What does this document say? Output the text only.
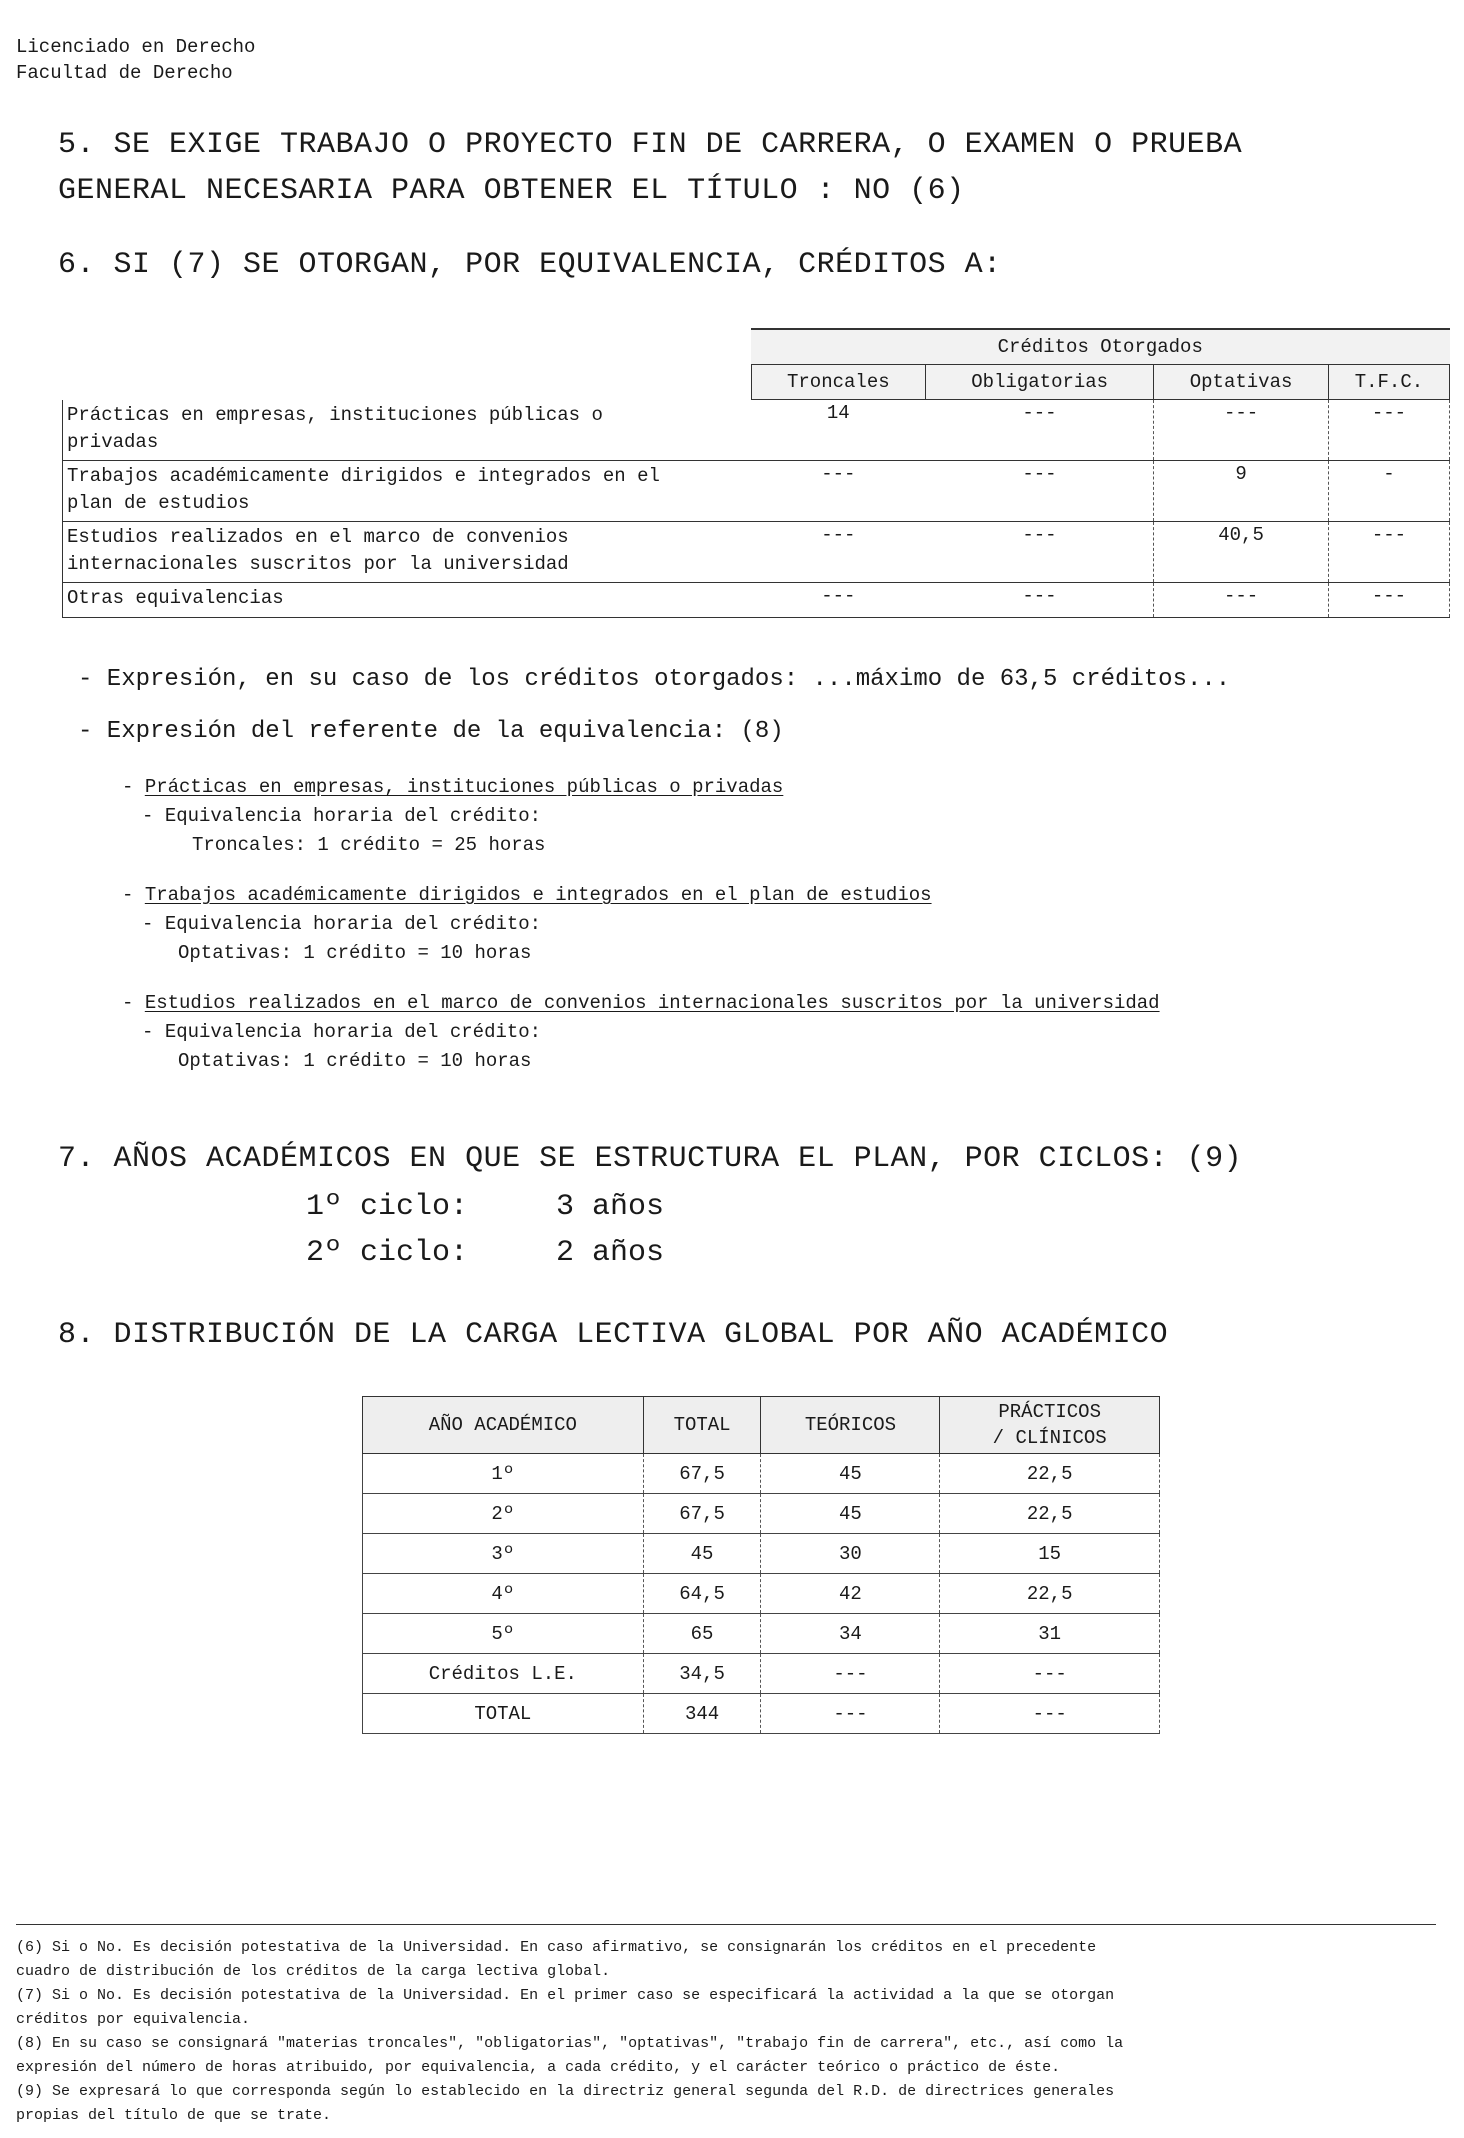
Licenciado en Derecho
Facultad de Derecho
5. SE EXIGE TRABAJO O PROYECTO FIN DE CARRERA, O EXAMEN O PRUEBA
GENERAL NECESARIA PARA OBTENER EL TÍTULO : NO (6)
6. SI (7) SE OTORGAN, POR EQUIVALENCIA, CRÉDITOS A:
	Créditos Otorgados			
	Troncales	Obligatorias	Optativas	T.F.C.
Prácticas en empresas, instituciones públicas o
privadas	14	---	---	---
Trabajos académicamente dirigidos e integrados en el
plan de estudios	---	---	9	-
Estudios realizados en el marco de convenios
internacionales suscritos por la universidad	---	---	40,5	---
Otras equivalencias	---	---	---	---
- Expresión, en su caso de los créditos otorgados: ...máximo de 63,5 créditos...
- Expresión del referente de la equivalencia: (8)
- Prácticas en empresas, instituciones públicas o privadas
- Equivalencia horaria del crédito:
Troncales: 1 crédito = 25 horas
- Trabajos académicamente dirigidos e integrados en el plan de estudios
- Equivalencia horaria del crédito:
Optativas: 1 crédito = 10 horas
- Estudios realizados en el marco de convenios internacionales suscritos por la universidad
- Equivalencia horaria del crédito:
Optativas: 1 crédito = 10 horas
7. AÑOS ACADÉMICOS EN QUE SE ESTRUCTURA EL PLAN, POR CICLOS: (9)
1º ciclo:	3 años
2º ciclo:	2 años
8. DISTRIBUCIÓN DE LA CARGA LECTIVA GLOBAL POR AÑO ACADÉMICO
AÑO ACADÉMICO	TOTAL	TEÓRICOS	PRÁCTICOS
/ CLÍNICOS
1º	67,5	45	22,5
2º	67,5	45	22,5
3º	45	30	15
4º	64,5	42	22,5
5º	65	34	31
Créditos L.E.	34,5	---	---
TOTAL	344	---	---
(6) Si o No. Es decisión potestativa de la Universidad. En caso afirmativo, se consignarán los créditos en el precedente
cuadro de distribución de los créditos de la carga lectiva global.
(7) Si o No. Es decisión potestativa de la Universidad. En el primer caso se especificará la actividad a la que se otorgan
créditos por equivalencia.
(8) En su caso se consignará "materias troncales", "obligatorias", "optativas", "trabajo fin de carrera", etc., así como la
expresión del número de horas atribuido, por equivalencia, a cada crédito, y el carácter teórico o práctico de éste.
(9) Se expresará lo que corresponda según lo establecido en la directriz general segunda del R.D. de directrices generales
propias del título de que se trate.
